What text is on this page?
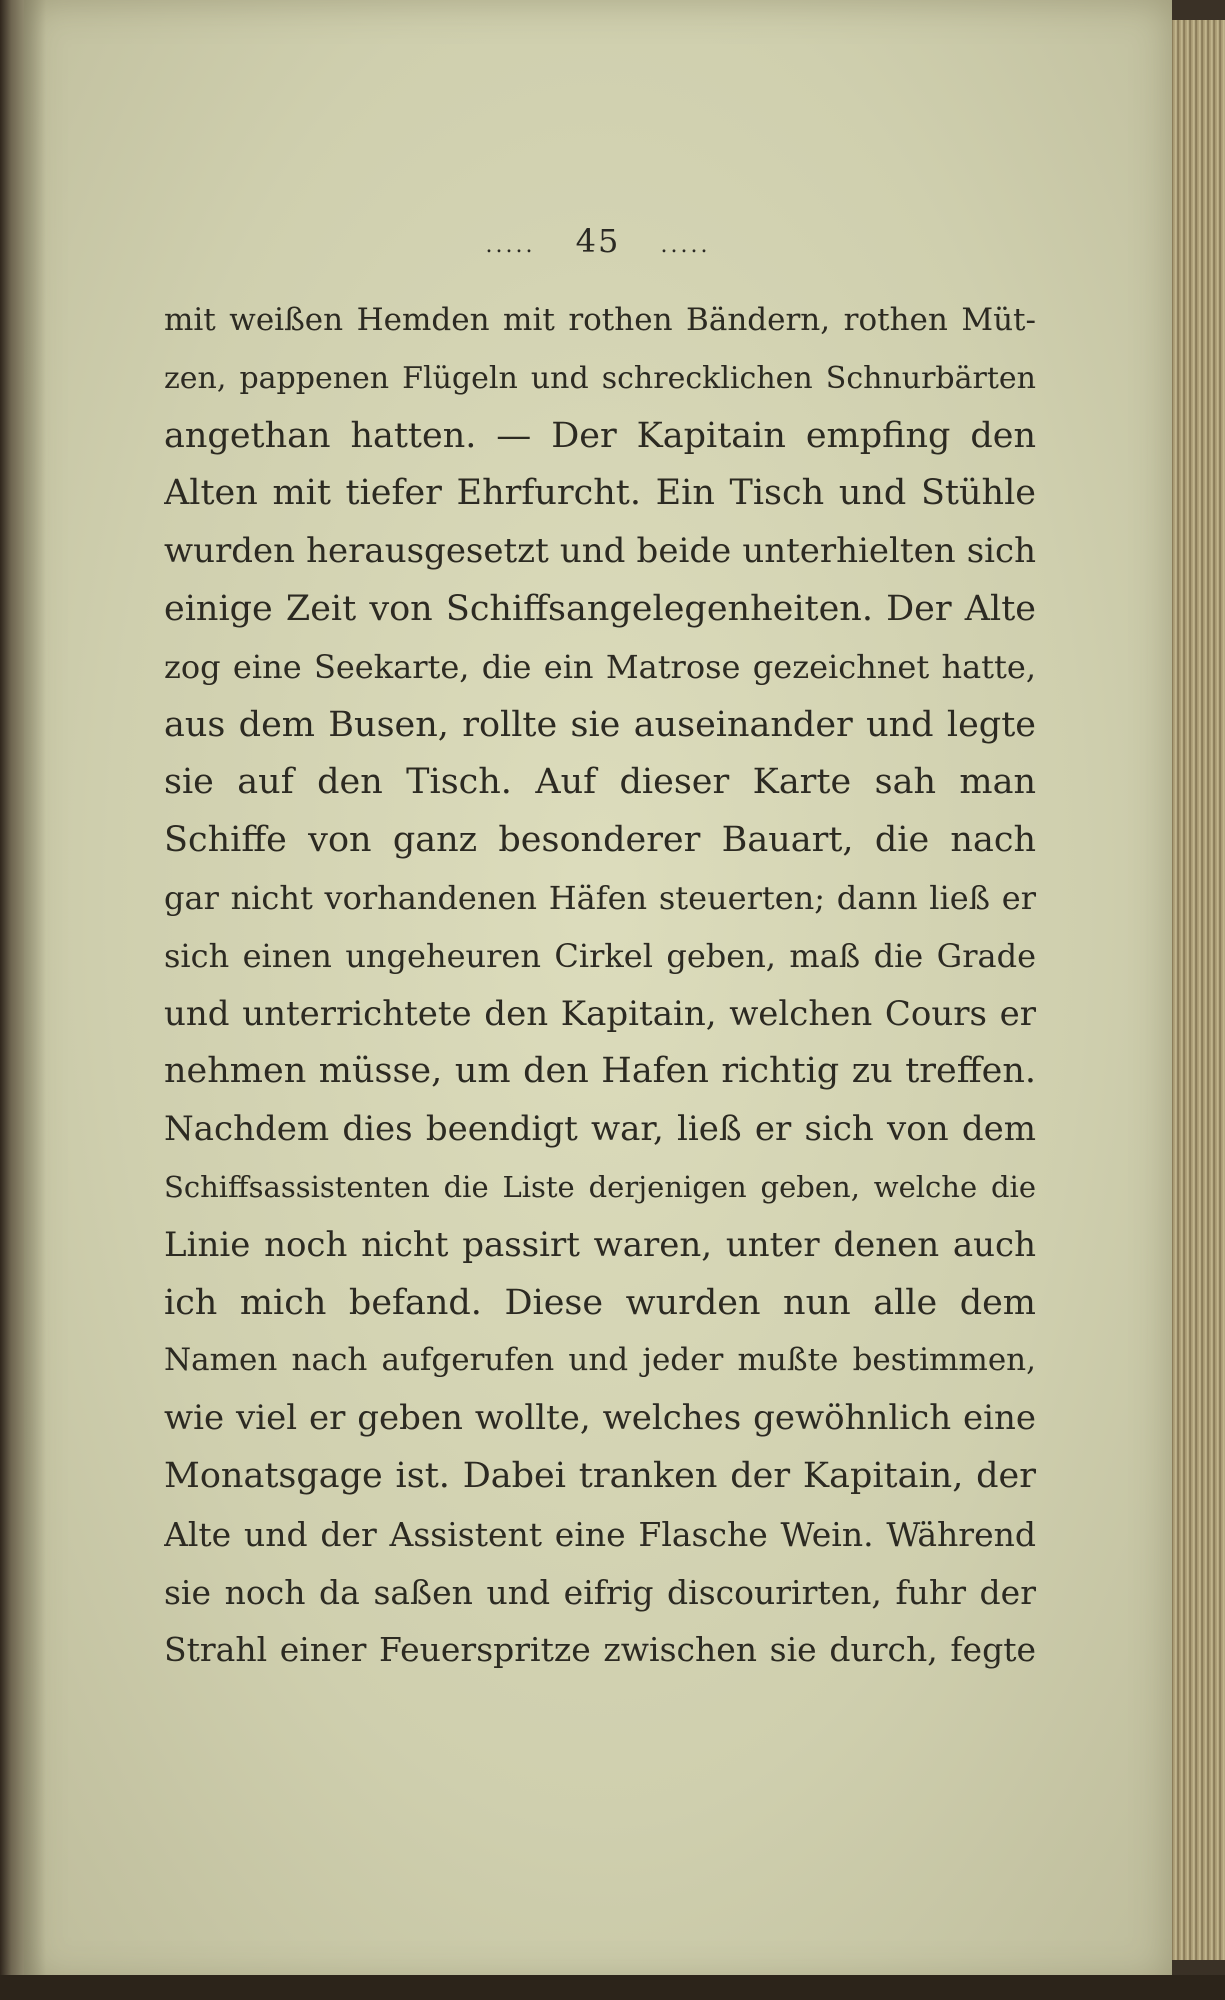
..... 45 .....
mit weißen Hemden mit rothen Bändern, rothen Müt-
zen, pappenen Flügeln und schrecklichen Schnurbärten
angethan hatten. — Der Kapitain empfing den
Alten mit tiefer Ehrfurcht. Ein Tisch und Stühle
wurden herausgesetzt und beide unterhielten sich
einige Zeit von Schiffsangelegenheiten. Der Alte
zog eine Seekarte, die ein Matrose gezeichnet hatte,
aus dem Busen, rollte sie auseinander und legte
sie auf den Tisch. Auf dieser Karte sah man
Schiffe von ganz besonderer Bauart, die nach
gar nicht vorhandenen Häfen steuerten; dann ließ er
sich einen ungeheuren Cirkel geben, maß die Grade
und unterrichtete den Kapitain, welchen Cours er
nehmen müsse, um den Hafen richtig zu treffen.
Nachdem dies beendigt war, ließ er sich von dem
Schiffsassistenten die Liste derjenigen geben, welche die
Linie noch nicht passirt waren, unter denen auch
ich mich befand. Diese wurden nun alle dem
Namen nach aufgerufen und jeder mußte bestimmen,
wie viel er geben wollte, welches gewöhnlich eine
Monatsgage ist. Dabei tranken der Kapitain, der
Alte und der Assistent eine Flasche Wein. Während
sie noch da saßen und eifrig discourirten, fuhr der
Strahl einer Feuerspritze zwischen sie durch, fegte
